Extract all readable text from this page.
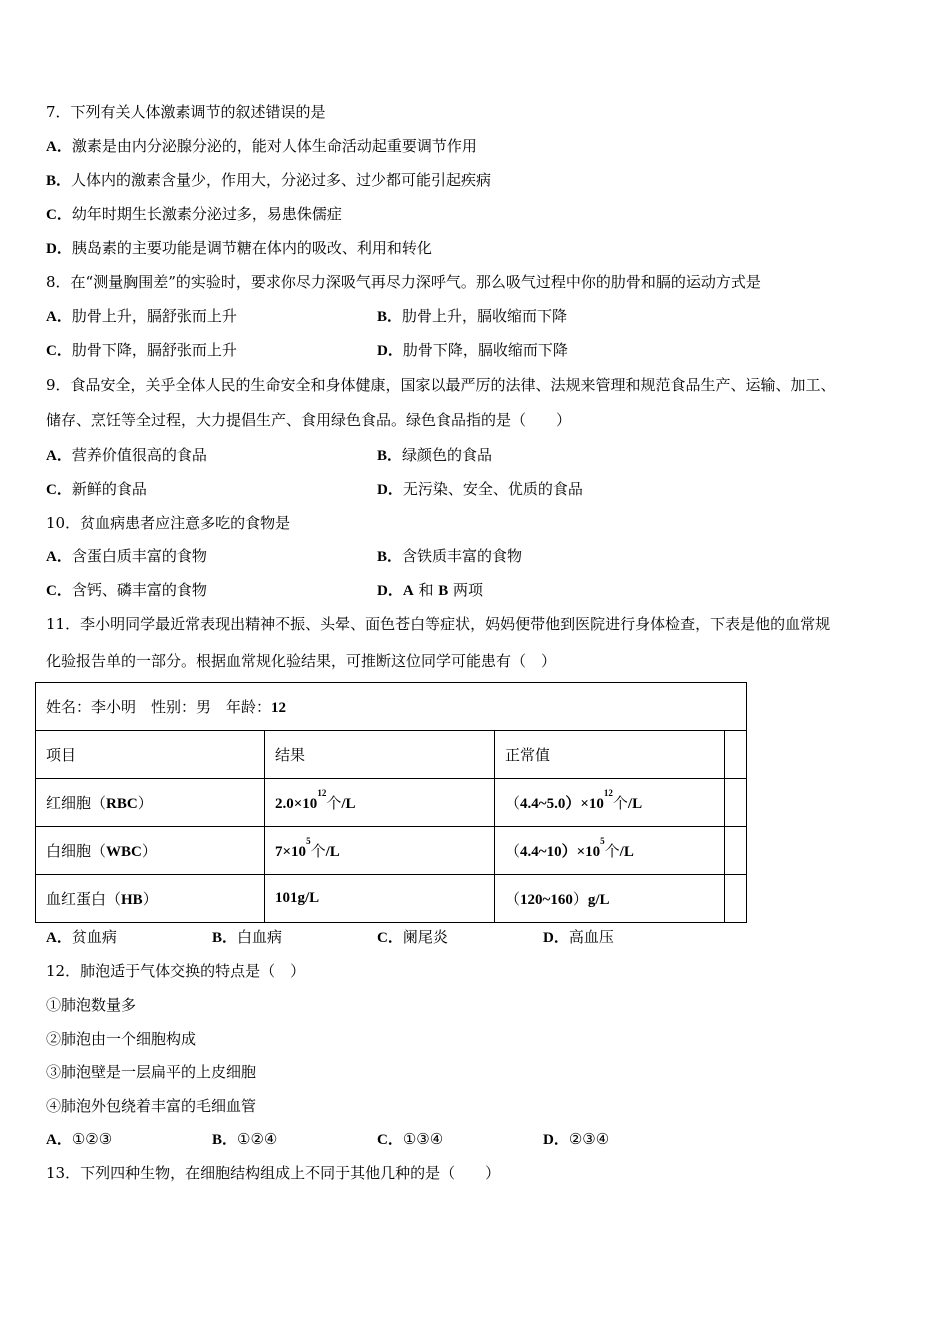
7．下列有关人体激素调节的叙述错误的是
A．激素是由内分泌腺分泌的，能对人体生命活动起重要调节作用
B．人体内的激素含量少，作用大，分泌过多、过少都可能引起疾病
C．幼年时期生长激素分泌过多，易患侏儒症
D．胰岛素的主要功能是调节糖在体内的吸改、利用和转化
8．在“测量胸围差”的实验时，要求你尽力深吸气再尽力深呼气。那么吸气过程中你的肋骨和膈的运动方式是
A．肋骨上升，膈舒张而上升	B．肋骨上升，膈收缩而下降
C．肋骨下降，膈舒张而上升	D．肋骨下降，膈收缩而下降
9．食品安全，关乎全体人民的生命安全和身体健康，国家以最严厉的法律、法规来管理和规范食品生产、运输、加工、
储存、烹饪等全过程，大力提倡生产、食用绿色食品。绿色食品指的是（　　）
A．营养价值很高的食品	B．绿颜色的食品
C．新鲜的食品	D．无污染、安全、优质的食品
10．贫血病患者应注意多吃的食物是
A．含蛋白质丰富的食物	B．含铁质丰富的食物
C．含钙、磷丰富的食物	D．A 和 B 两项
11．李小明同学最近常表现出精神不振、头晕、面色苍白等症状，妈妈便带他到医院进行身体检查，下表是他的血常规
化验报告单的一部分。根据血常规化验结果，可推断这位同学可能患有（　）
姓名：李小明　性别：男　年龄：12			
项目	结果	正常值	
红细胞（RBC）	$2.0\times 10^{12}$个/L	$(4.4\sim 5.0)\times 10^{12}$个/L	
白细胞（WBC）	$7\times 10^5$个/L	$(4.4\sim 10)\times 10^5$个/L	
血红蛋白（HB）	101g/L	（120~160）g/L	
A．贫血病	B．白血病	C．阑尾炎	D．高血压
12．肺泡适于气体交换的特点是（　）
①肺泡数量多
②肺泡由一个细胞构成
③肺泡壁是一层扁平的上皮细胞
④肺泡外包绕着丰富的毛细血管
A．①②③	B．①②④	C．①③④	D．②③④
13．下列四种生物，在细胞结构组成上不同于其他几种的是（　　）
